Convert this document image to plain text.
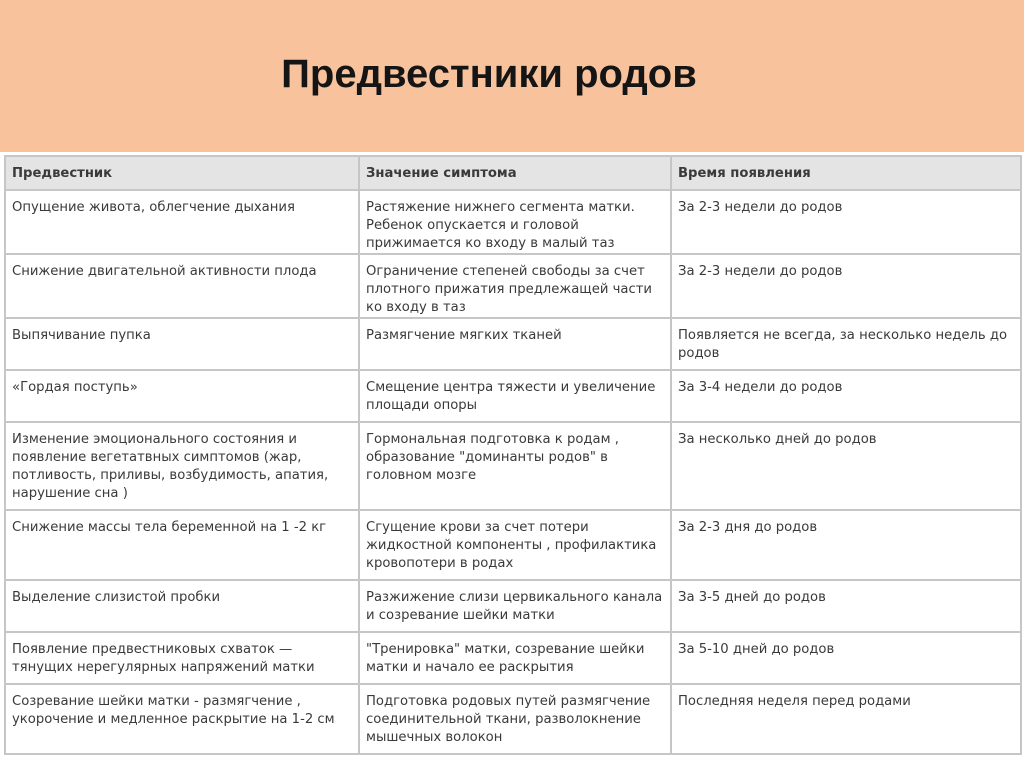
Предвестники родов
Предвестник	Значение симптома	Время появления
Опущение живота, облегчение дыхания	Растяжение нижнего сегмента матки. Ребенок опускается и головой прижимается ко входу в малый таз	За 2-3 недели до родов
Снижение двигательной активности плода	Ограничение степеней свободы за счет плотного прижатия предлежащей части ко входу в таз	За 2-3 недели до родов
Выпячивание пупка	Размягчение мягких тканей	Появляется не всегда, за несколько недель до родов
«Гордая поступь»	Смещение центра тяжести и увеличение площади опоры	За 3-4 недели до родов
Изменение эмоционального состояния и появление вегетатвных симптомов (жар, потливость, приливы, возбудимость, апатия, нарушение сна )	Гормональная подготовка к родам , образование "доминанты родов" в головном мозге	За несколько дней до родов
Снижение массы тела беременной на 1 -2 кг	Сгущение крови за счет потери жидкостной компоненты , профилактика кровопотери в родах	За 2-3 дня до родов
Выделение слизистой пробки	Разжижение слизи цервикального канала и созревание шейки матки	За 3-5 дней до родов
Появление предвестниковых схваток — тянущих нерегулярных напряжений матки	"Тренировка" матки, созревание шейки матки и начало ее раскрытия	За 5-10 дней до родов
Созревание шейки матки - размягчение , укорочение и медленное раскрытие на 1-2 см	Подготовка родовых путей размягчение соединительной ткани, разволокнение мышечных волокон	Последняя неделя перед родами
